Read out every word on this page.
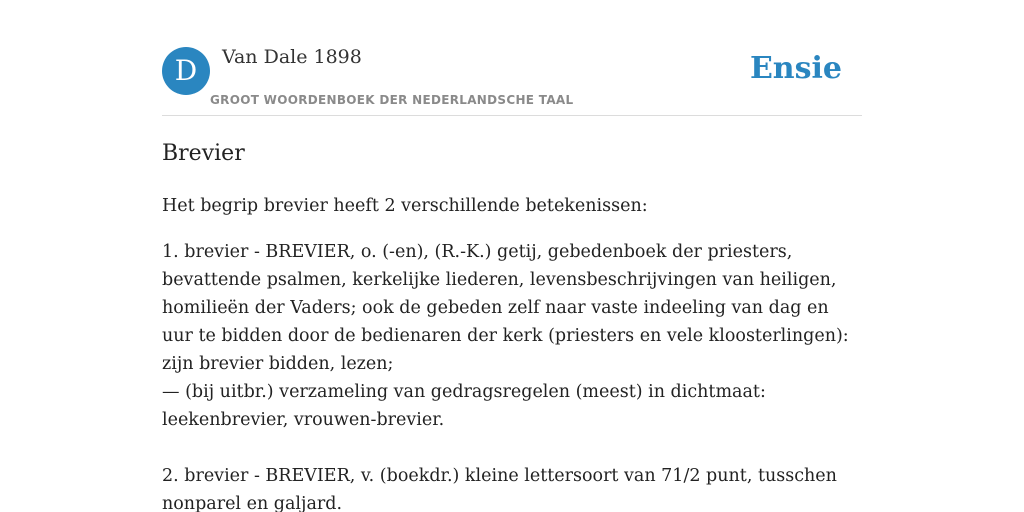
D	Van Dale 1898
GROOT WOORDENBOEK DER NEDERLANDSCHE TAAL
Ensie
Brevier

Het begrip brevier heeft 2 verschillende betekenissen:

1. brevier - BREVIER, o. (-en), (R.-K.) getij, gebedenboek der priesters, bevattende psalmen, kerkelijke liederen, levensbeschrijvingen van heiligen, homilieën der Vaders; ook de gebeden zelf naar vaste indeeling van dag en uur te bidden door de bedienaren der kerk (priesters en vele kloosterlingen): zijn brevier bidden, lezen;
— (bij uitbr.) verzameling van gedragsregelen (meest) in dichtmaat: leekenbrevier, vrouwen-brevier.

2. brevier - BREVIER, v. (boekdr.) kleine lettersoort van 71/2 punt, tusschen nonparel en galjard.
